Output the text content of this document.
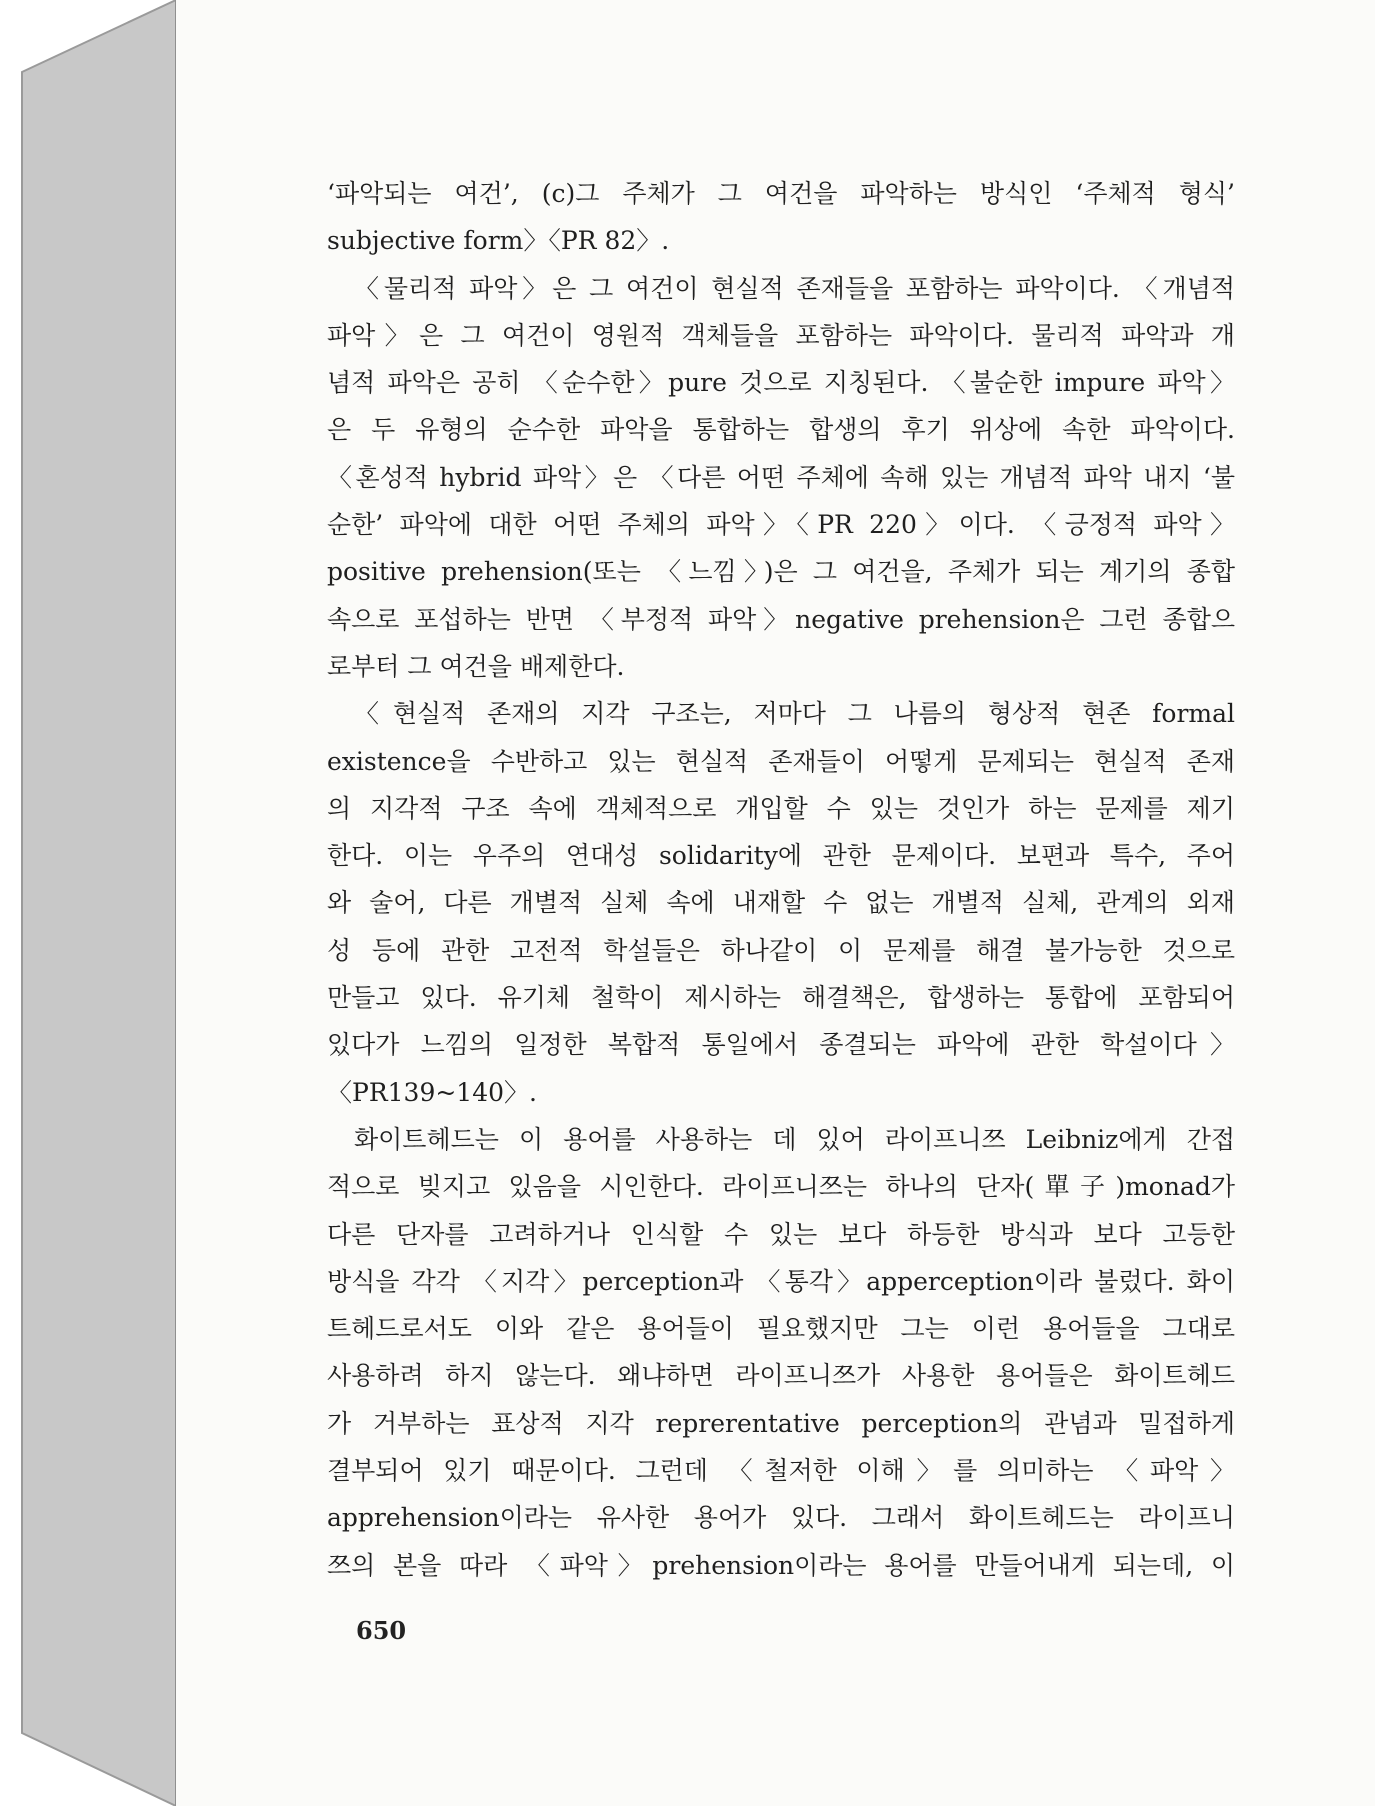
‘파악되는 여건’, (c)그 주체가 그 여건을 파악하는 방식인 ‘주체적 형식’

subjective form〉〈PR 82〉.

〈물리적 파악〉은 그 여건이 현실적 존재들을 포함하는 파악이다. 〈개념적

파악〉은 그 여건이 영원적 객체들을 포함하는 파악이다. 물리적 파악과 개

념적 파악은 공히 〈순수한〉pure 것으로 지칭된다. 〈불순한 impure 파악〉

은 두 유형의 순수한 파악을 통합하는 합생의 후기 위상에 속한 파악이다.

〈혼성적 hybrid 파악〉은 〈다른 어떤 주체에 속해 있는 개념적 파악 내지 ‘불

순한’ 파악에 대한 어떤 주체의 파악〉〈PR 220〉이다. 〈긍정적 파악〉

positive prehension(또는 〈느낌〉)은 그 여건을, 주체가 되는 계기의 종합

속으로 포섭하는 반면 〈부정적 파악〉negative prehension은 그런 종합으

로부터 그 여건을 배제한다.

〈현실적 존재의 지각 구조는, 저마다 그 나름의 형상적 현존 formal

existence을 수반하고 있는 현실적 존재들이 어떻게 문제되는 현실적 존재

의 지각적 구조 속에 객체적으로 개입할 수 있는 것인가 하는 문제를 제기

한다. 이는 우주의 연대성 solidarity에 관한 문제이다. 보편과 특수, 주어

와 술어, 다른 개별적 실체 속에 내재할 수 없는 개별적 실체, 관계의 외재

성 등에 관한 고전적 학설들은 하나같이 이 문제를 해결 불가능한 것으로

만들고 있다. 유기체 철학이 제시하는 해결책은, 합생하는 통합에 포함되어

있다가 느낌의 일정한 복합적 통일에서 종결되는 파악에 관한 학설이다〉

〈PR139~140〉.

화이트헤드는 이 용어를 사용하는 데 있어 라이프니쯔 Leibniz에게 간접

적으로 빚지고 있음을 시인한다. 라이프니쯔는 하나의 단자(單子)monad가

다른 단자를 고려하거나 인식할 수 있는 보다 하등한 방식과 보다 고등한

방식을 각각 〈지각〉perception과 〈통각〉apperception이라 불렀다. 화이

트헤드로서도 이와 같은 용어들이 필요했지만 그는 이런 용어들을 그대로

사용하려 하지 않는다. 왜냐하면 라이프니쯔가 사용한 용어들은 화이트헤드

가 거부하는 표상적 지각 reprerentative perception의 관념과 밀접하게

결부되어 있기 때문이다. 그런데 〈철저한 이해〉를 의미하는 〈파악〉

apprehension이라는 유사한 용어가 있다. 그래서 화이트헤드는 라이프니

쯔의 본을 따라 〈파악〉prehension이라는 용어를 만들어내게 되는데, 이

650
